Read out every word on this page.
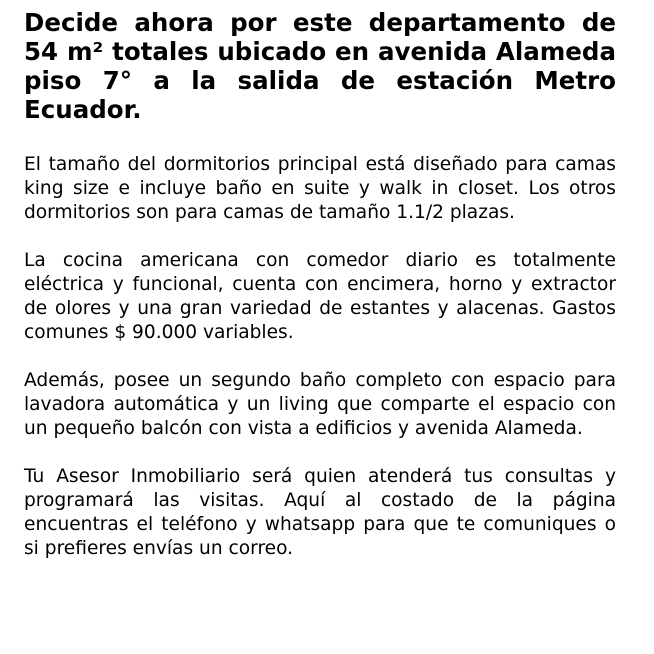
Decide ahora por este departamento de 54 m² totales ubicado en avenida Alameda piso 7° a la salida de estación Metro Ecuador.

El tamaño del dormitorios principal está diseñado para camas king size e incluye baño en suite y walk in closet. Los otros dormitorios son para camas de tamaño 1.1/2 plazas.

La cocina americana con comedor diario es totalmente eléctrica y funcional, cuenta con encimera, horno y extractor de olores y una gran variedad de estantes y alacenas. Gastos comunes $ 90.000 variables.

Además, posee un segundo baño completo con espacio para lavadora automática y un living que comparte el espacio con un pequeño balcón con vista a edificios y avenida Alameda.

Tu Asesor Inmobiliario será quien atenderá tus consultas y programará las visitas. Aquí al costado de la página encuentras el teléfono y whatsapp para que te comuniques o si prefieres envías un correo.
